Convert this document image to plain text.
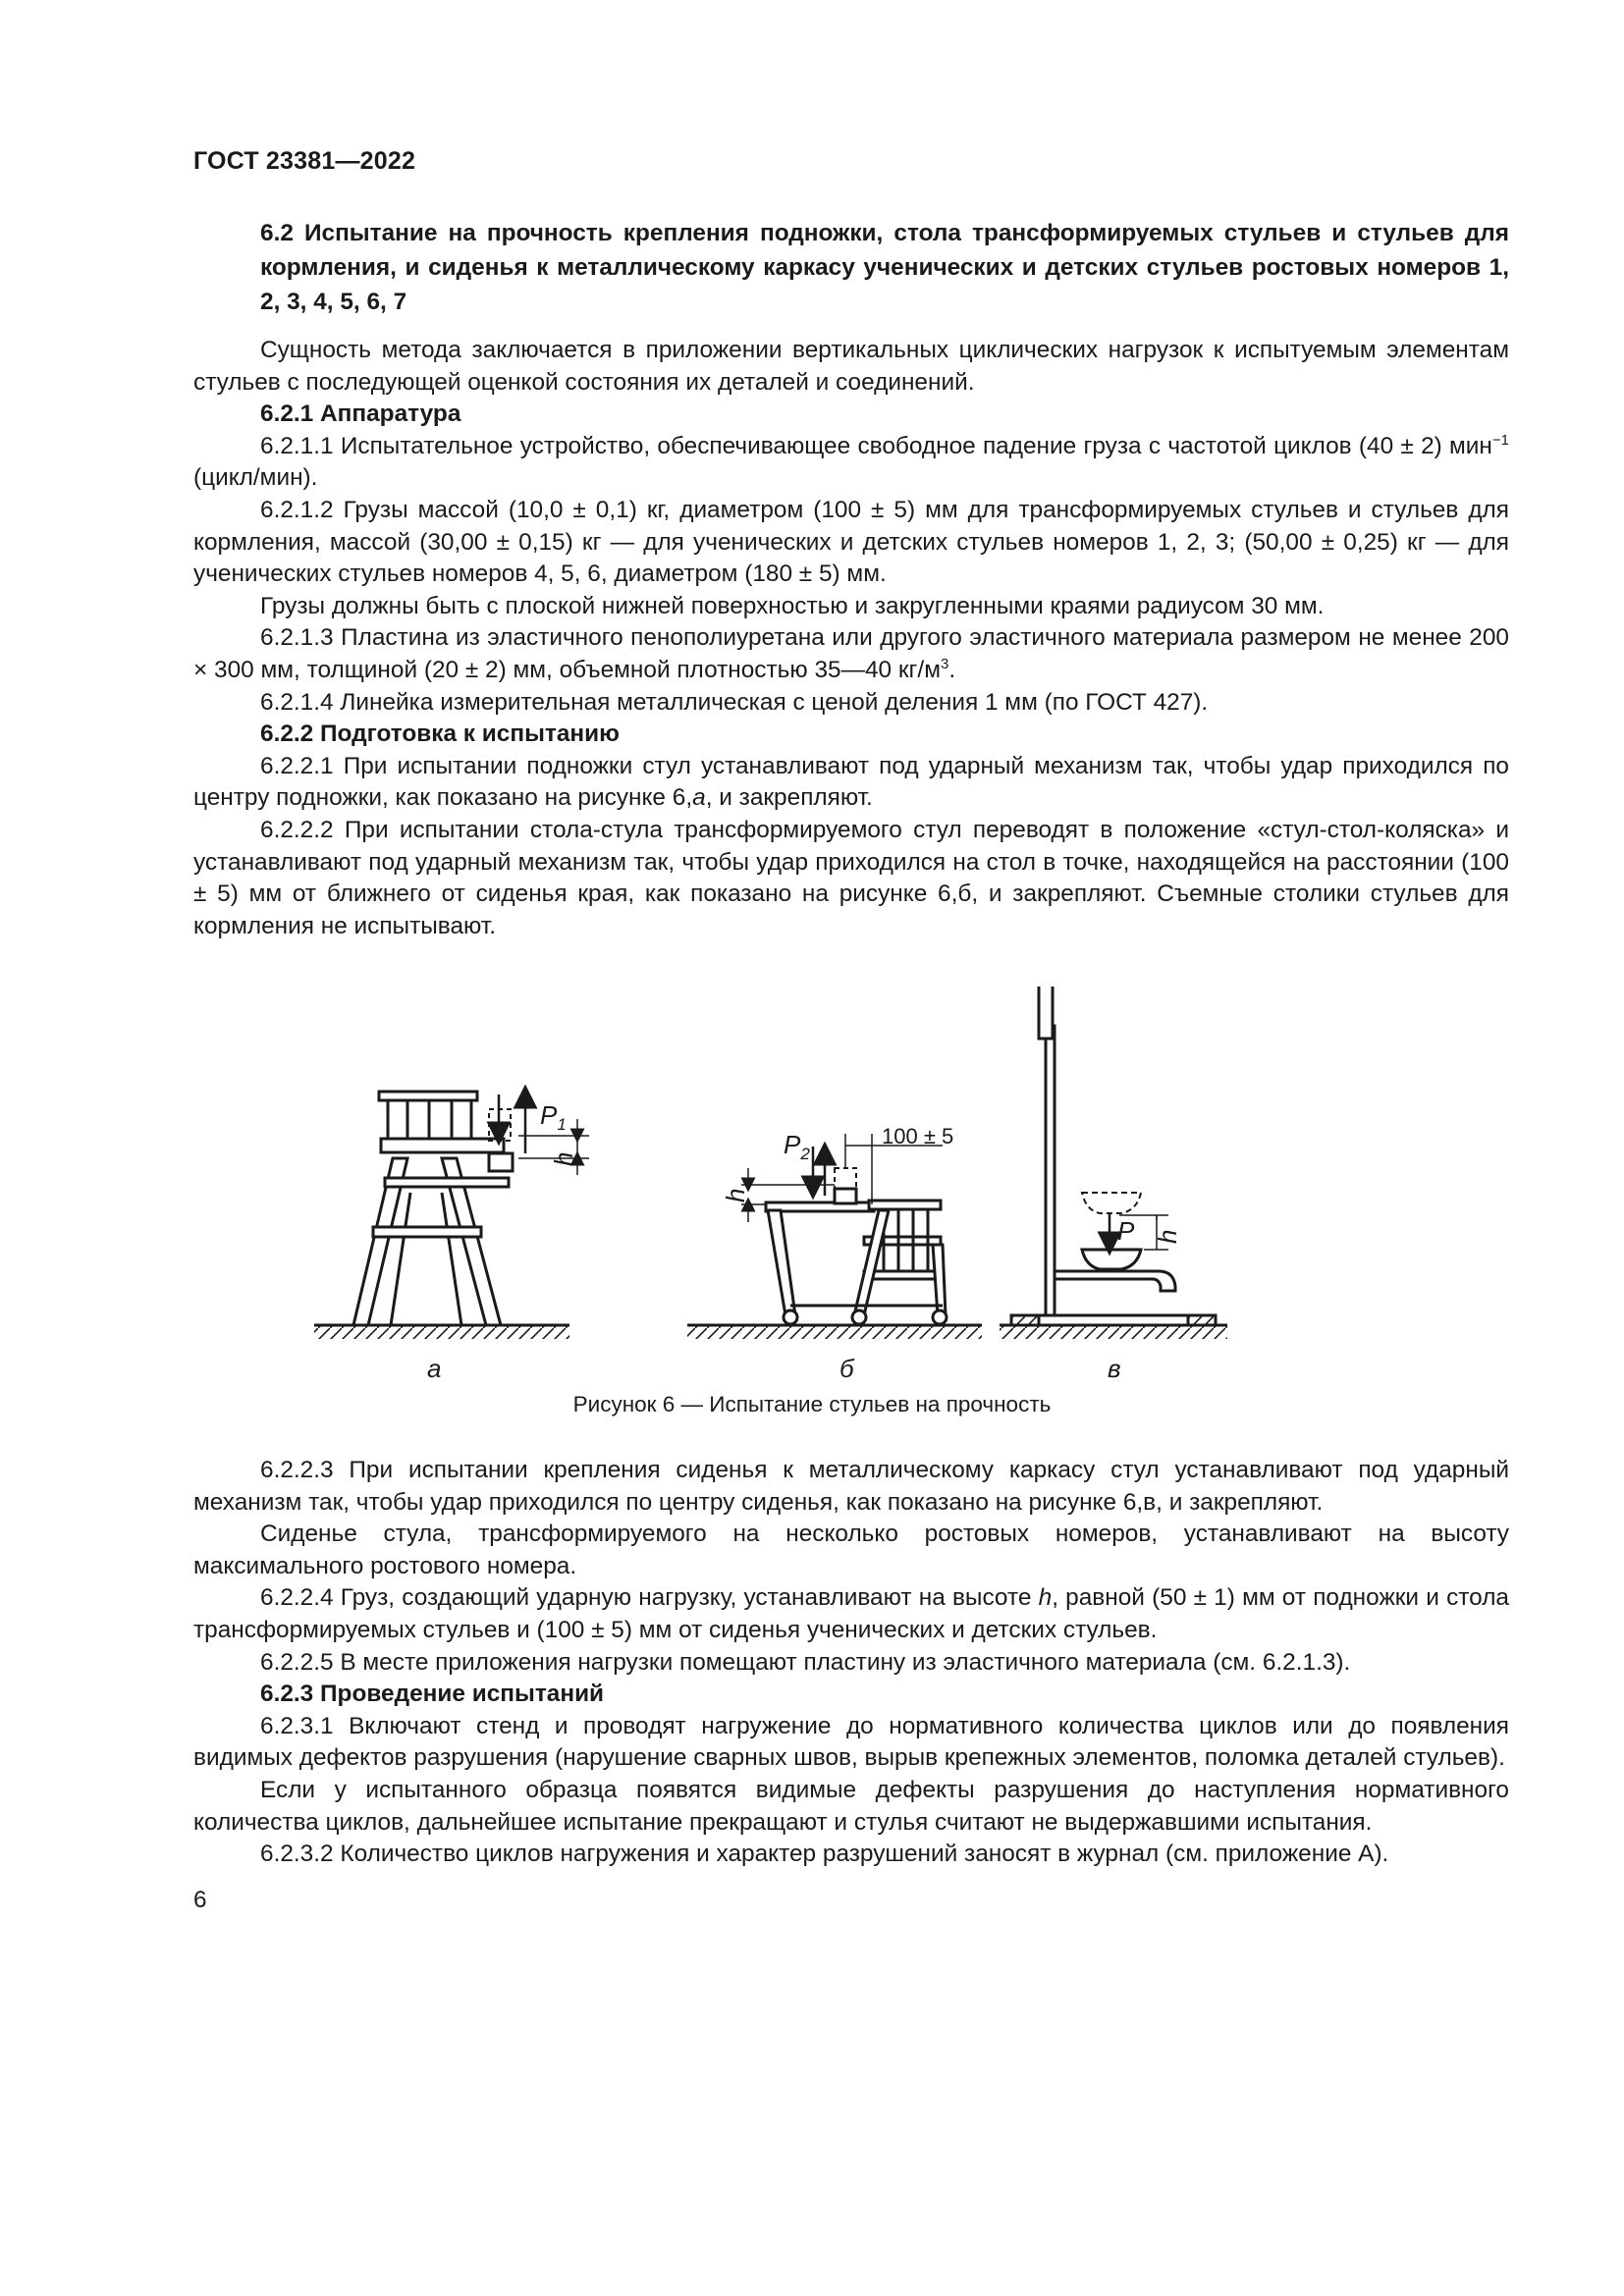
ГОСТ 23381—2022

6.2 Испытание на прочность крепления подножки, стола трансформируемых стульев и стульев для кормления, и сиденья к металлическому каркасу ученических и детских стульев ростовых номеров 1, 2, 3, 4, 5, 6, 7

Сущность метода заключается в приложении вертикальных циклических нагрузок к испытуемым элементам стульев с последующей оценкой состояния их деталей и соединений.

6.2.1 Аппаратура

6.2.1.1 Испытательное устройство, обеспечивающее свободное падение груза с частотой циклов (40 ± 2) мин$^{-1}$ (цикл/мин).

6.2.1.2 Грузы массой (10,0 ± 0,1) кг, диаметром (100 ± 5) мм для трансформируемых стульев и стульев для кормления, массой (30,00 ± 0,15) кг — для ученических и детских стульев номеров 1, 2, 3; (50,00 ± 0,25) кг — для ученических стульев номеров 4, 5, 6, диаметром (180 ± 5) мм.

Грузы должны быть с плоской нижней поверхностью и закругленными краями радиусом 30 мм.

6.2.1.3 Пластина из эластичного пенополиуретана или другого эластичного материала размером не менее 200 × 300 мм, толщиной (20 ± 2) мм, объемной плотностью 35—40 $кг/м^3$.

6.2.1.4 Линейка измерительная металлическая с ценой деления 1 мм (по ГОСТ 427).

6.2.2 Подготовка к испытанию

6.2.2.1 При испытании подножки стул устанавливают под ударный механизм так, чтобы удар приходился по центру подножки, как показано на рисунке 6,а, и закрепляют.

6.2.2.2 При испытании стола-стула трансформируемого стул переводят в положение «стул-стол-коляска» и устанавливают под ударный механизм так, чтобы удар приходился на стол в точке, находящейся на расстоянии (100 ± 5) мм от ближнего от сиденья края, как показано на рисунке 6,б, и закрепляют. Съемные столики стульев для кормления не испытывают.

$P_1$
h
а
$P_2$
100 ± 5
h
б
P h
в
Рисунок 6 — Испытание стульев на прочность

6.2.2.3 При испытании крепления сиденья к металлическому каркасу стул устанавливают под ударный механизм так, чтобы удар приходился по центру сиденья, как показано на рисунке 6,в, и закрепляют.

Сиденье стула, трансформируемого на несколько ростовых номеров, устанавливают на высоту максимального ростового номера.

6.2.2.4 Груз, создающий ударную нагрузку, устанавливают на высоте h, равной (50 ± 1) мм от подножки и стола трансформируемых стульев и (100 ± 5) мм от сиденья ученических и детских стульев.

6.2.2.5 В месте приложения нагрузки помещают пластину из эластичного материала (см. 6.2.1.3).

6.2.3 Проведение испытаний

6.2.3.1 Включают стенд и проводят нагружение до нормативного количества циклов или до появления видимых дефектов разрушения (нарушение сварных швов, вырыв крепежных элементов, поломка деталей стульев).

Если у испытанного образца появятся видимые дефекты разрушения до наступления нормативного количества циклов, дальнейшее испытание прекращают и стулья считают не выдержавшими испытания.

6.2.3.2 Количество циклов нагружения и характер разрушений заносят в журнал (см. приложение А).

6
